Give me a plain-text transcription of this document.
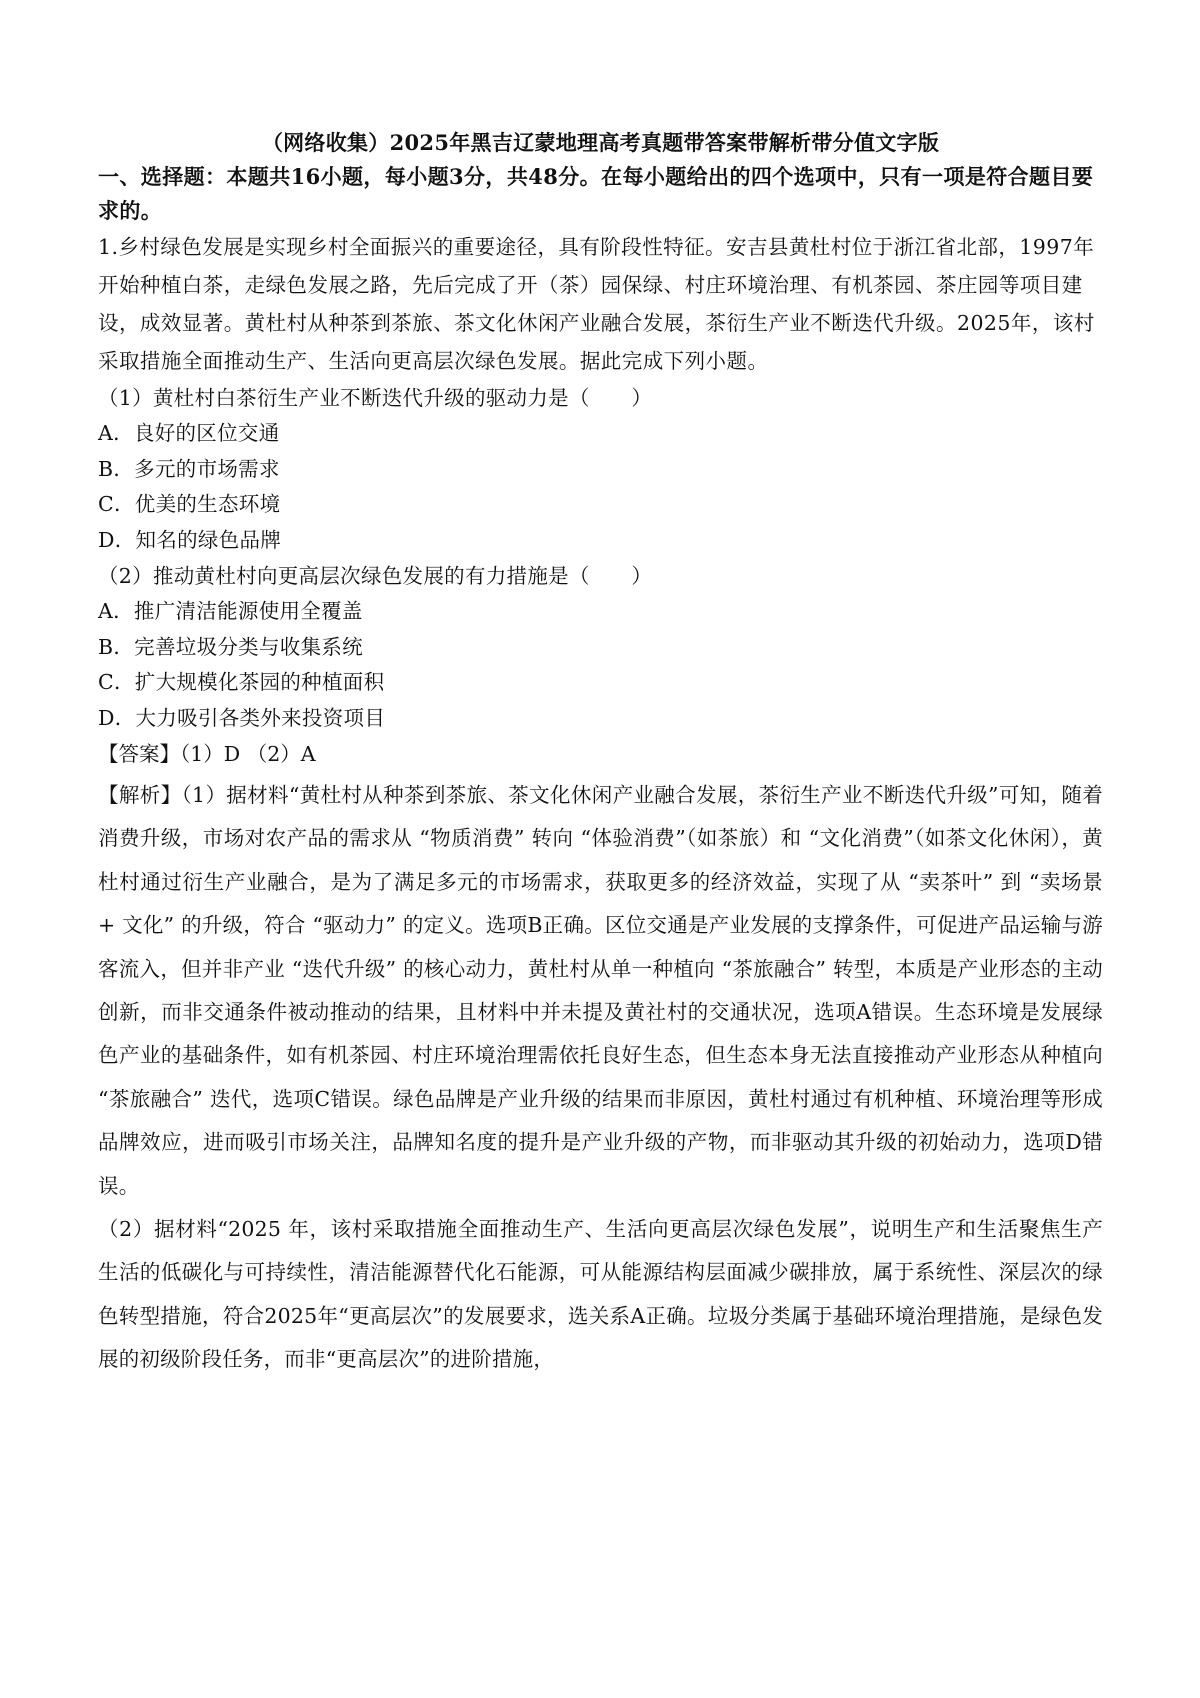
（网络收集）2025年黑吉辽蒙地理高考真题带答案带解析带分值文字版

一、选择题：本题共16小题，每小题3分，共48分。在每小题给出的四个选项中，只有一项是符合题目要求的。

1.乡村绿色发展是实现乡村全面振兴的重要途径，具有阶段性特征。安吉县黄杜村位于浙江省北部，1997年开始种植白茶，走绿色发展之路，先后完成了开（茶）园保绿、村庄环境治理、有机茶园、茶庄园等项目建设，成效显著。黄杜村从种茶到茶旅、茶文化休闲产业融合发展，茶衍生产业不断迭代升级。2025年，该村采取措施全面推动生产、生活向更高层次绿色发展。据此完成下列小题。

（1）黄杜村白茶衍生产业不断迭代升级的驱动力是（　　）

A．良好的区位交通
B．多元的市场需求
C．优美的生态环境
D．知名的绿色品牌

（2）推动黄杜村向更高层次绿色发展的有力措施是（　　）

A．推广清洁能源使用全覆盖
B．完善垃圾分类与收集系统
C．扩大规模化茶园的种植面积
D．大力吸引各类外来投资项目

【答案】（1）D （2）A

【解析】（1）据材料“黄杜村从种茶到茶旅、茶文化休闲产业融合发展，茶衍生产业不断迭代升级”可知，随着消费升级，市场对农产品的需求从 “物质消费” 转向 “体验消费”（如茶旅）和 “文化消费”（如茶文化休闲），黄杜村通过衍生产业融合，是为了满足多元的市场需求，获取更多的经济效益，实现了从 “卖茶叶” 到 “卖场景 + 文化” 的升级，符合 “驱动力” 的定义。选项B正确。区位交通是产业发展的支撑条件，可促进产品运输与游客流入，但并非产业 “迭代升级” 的核心动力，黄杜村从单一种植向 “茶旅融合” 转型，本质是产业形态的主动创新，而非交通条件被动推动的结果，且材料中并未提及黄社村的交通状况，选项A错误。生态环境是发展绿色产业的基础条件，如有机茶园、村庄环境治理需依托良好生态，但生态本身无法直接推动产业形态从种植向 “茶旅融合” 迭代，选项C错误。绿色品牌是产业升级的结果而非原因，黄杜村通过有机种植、环境治理等形成品牌效应，进而吸引市场关注，品牌知名度的提升是产业升级的产物，而非驱动其升级的初始动力，选项D错误。

（2）据材料“2025 年，该村采取措施全面推动生产、生活向更高层次绿色发展”，说明生产和生活聚焦生产生活的低碳化与可持续性，清洁能源替代化石能源，可从能源结构层面减少碳排放，属于系统性、深层次的绿色转型措施，符合2025年“更高层次”的发展要求，选关系A正确。垃圾分类属于基础环境治理措施，是绿色发展的初级阶段任务，而非“更高层次”的进阶措施，
